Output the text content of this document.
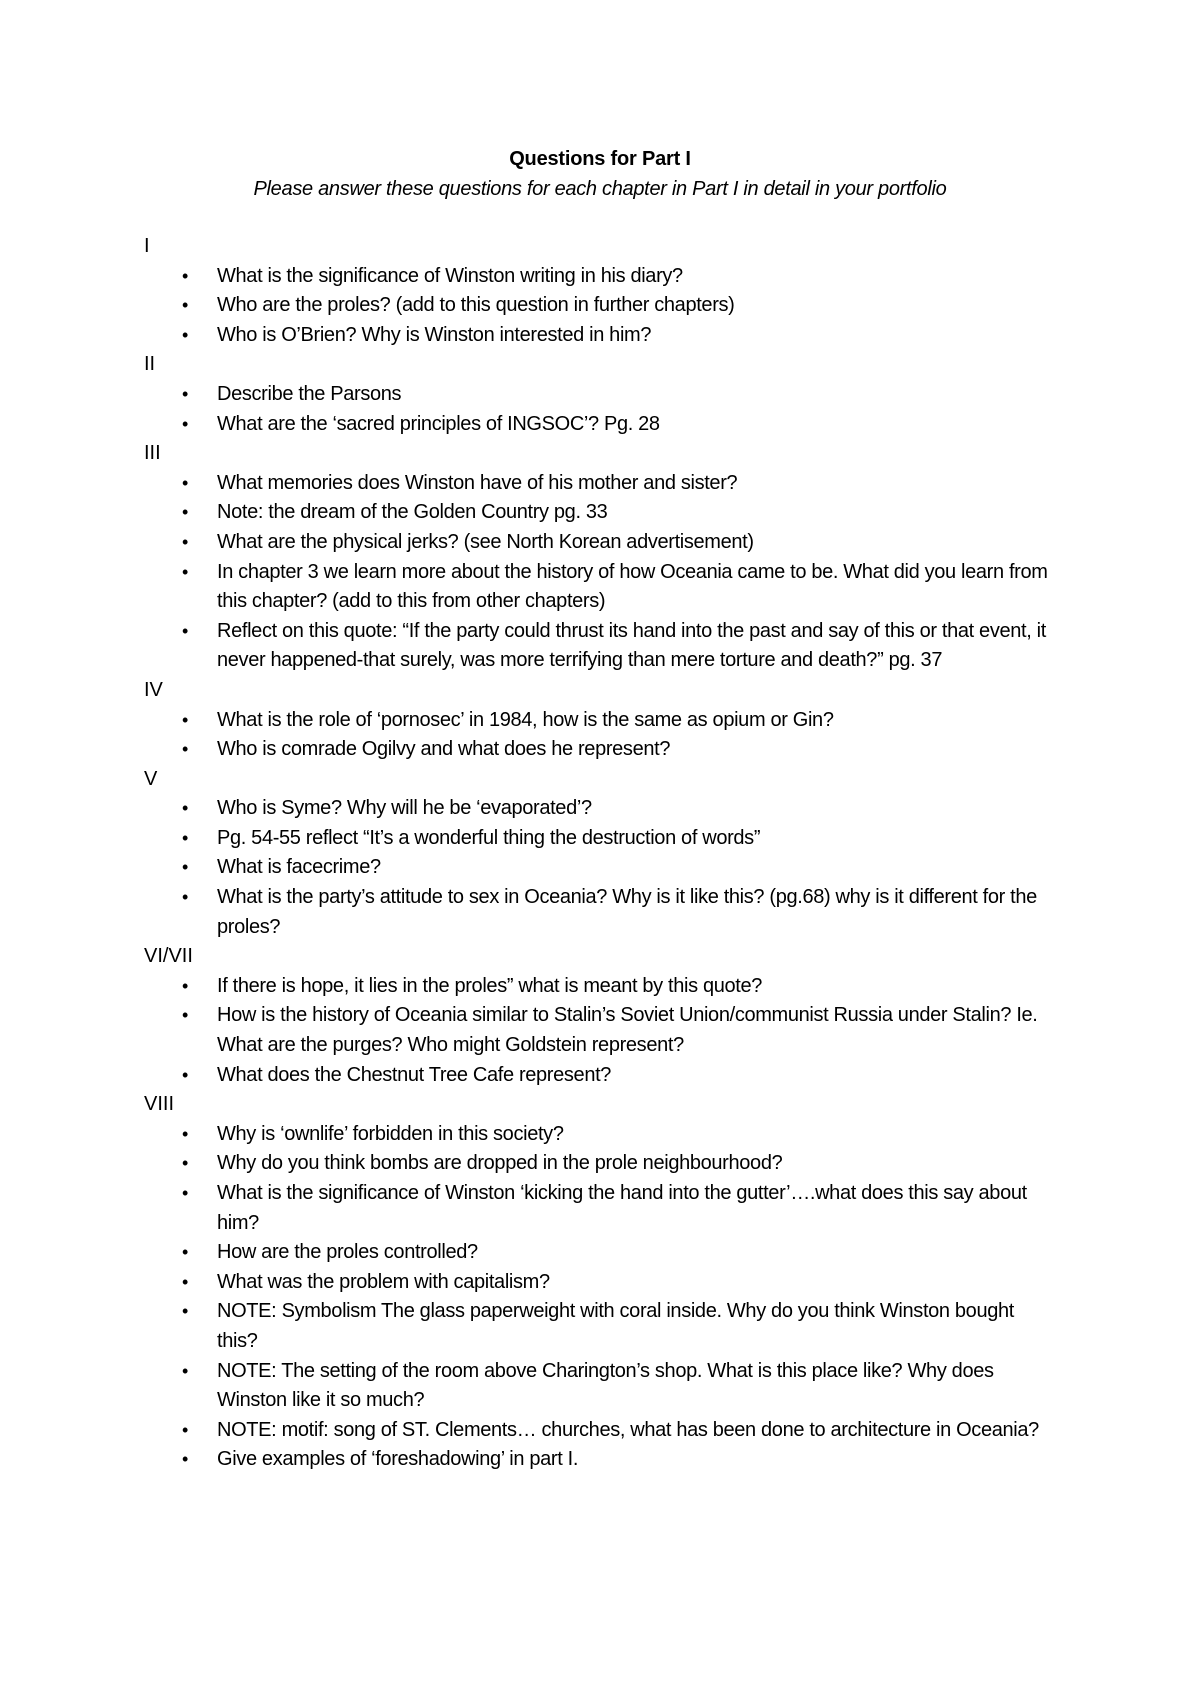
Questions for Part I
Please answer these questions for each chapter in Part I in detail in your portfolio
I
• What is the significance of Winston writing in his diary?
• Who are the proles? (add to this question in further chapters)
• Who is O’Brien? Why is Winston interested in him?
II
• Describe the Parsons
• What are the ‘sacred principles of INGSOC’? Pg. 28
III
• What memories does Winston have of his mother and sister?
• Note: the dream of the Golden Country pg. 33
• What are the physical jerks? (see North Korean advertisement)
• In chapter 3 we learn more about the history of how Oceania came to be. What did you learn from this chapter? (add to this from other chapters)
• Reflect on this quote: “If the party could thrust its hand into the past and say of this or that event, it never happened-that surely, was more terrifying than mere torture and death?” pg. 37
IV
• What is the role of ‘pornosec’ in 1984, how is the same as opium or Gin?
• Who is comrade Ogilvy and what does he represent?
V
• Who is Syme? Why will he be ‘evaporated’?
• Pg. 54-55 reflect “It’s a wonderful thing the destruction of words”
• What is facecrime?
• What is the party’s attitude to sex in Oceania? Why is it like this? (pg.68) why is it different for the proles?
VI/VII
• If there is hope, it lies in the proles” what is meant by this quote?
• How is the history of Oceania similar to Stalin’s Soviet Union/communist Russia under Stalin? Ie. What are the purges? Who might Goldstein represent?
• What does the Chestnut Tree Cafe represent?
VIII
• Why is ‘ownlife’ forbidden in this society?
• Why do you think bombs are dropped in the prole neighbourhood?
• What is the significance of Winston ‘kicking the hand into the gutter’….what does this say about him?
• How are the proles controlled?
• What was the problem with capitalism?
• NOTE: Symbolism The glass paperweight with coral inside. Why do you think Winston bought this?
• NOTE: The setting of the room above Charington’s shop. What is this place like? Why does Winston like it so much?
• NOTE: motif: song of ST. Clements… churches, what has been done to architecture in Oceania?
• Give examples of ‘foreshadowing’ in part I.
